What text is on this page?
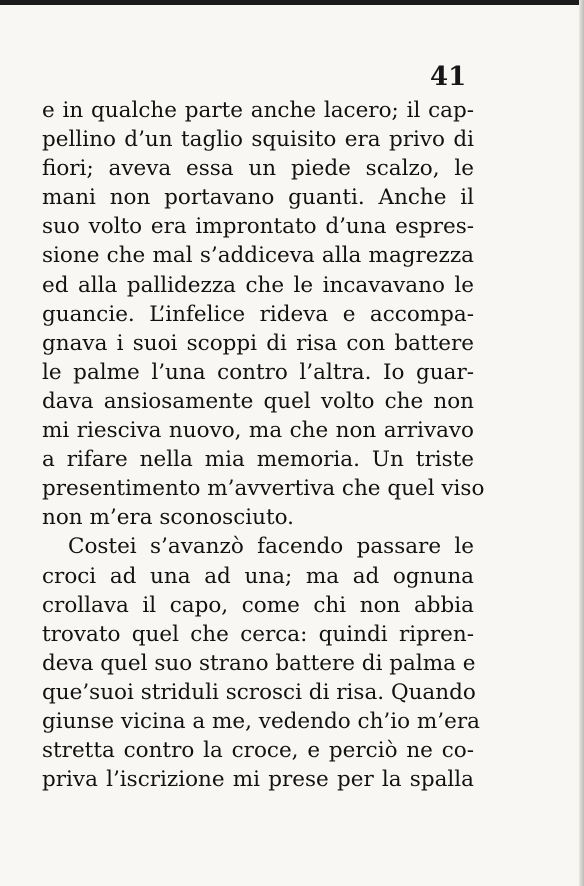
41
e in qualche parte anche lacero; il cap-
pellino d’un taglio squisito era privo di
fiori; aveva essa un piede scalzo, le
mani non portavano guanti. Anche il
suo volto era improntato d’una espres-
sione che mal s’addiceva alla magrezza
ed alla pallidezza che le incavavano le
guancie. L’infelice rideva e accompa-
gnava i suoi scoppi di risa con battere
le palme l’una contro l’altra. Io guar-
dava ansiosamente quel volto che non
mi riesciva nuovo, ma che non arrivavo
a rifare nella mia memoria. Un triste
presentimento m’avvertiva che quel viso
non m’era sconosciuto.
Costei s’avanzò facendo passare le
croci ad una ad una; ma ad ognuna
crollava il capo, come chi non abbia
trovato quel che cerca: quindi ripren-
deva quel suo strano battere di palma e
que’suoi striduli scrosci di risa. Quando
giunse vicina a me, vedendo ch’io m’era
stretta contro la croce, e perciò ne co-
priva l’iscrizione mi prese per la spalla
